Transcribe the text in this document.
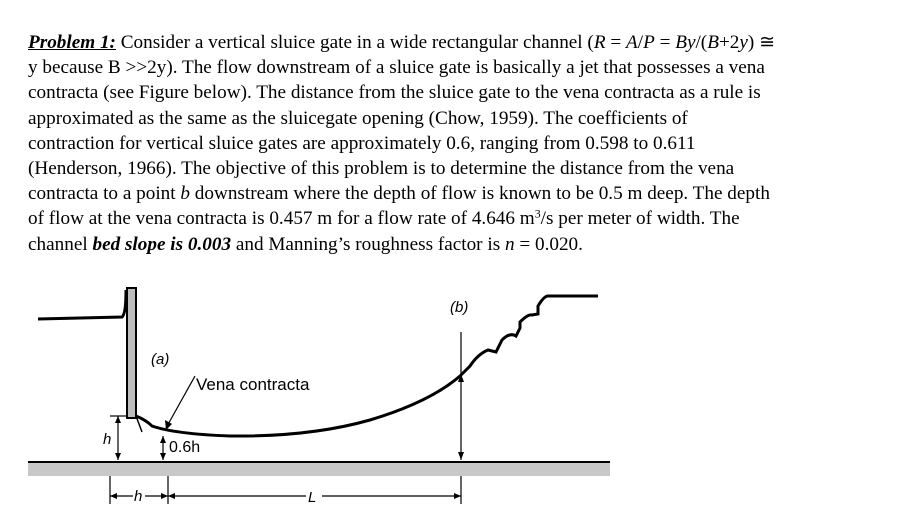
Problem 1: Consider a vertical sluice gate in a wide rectangular channel (R = A/P = By/(B+2y) ≅
y because B >>2y). The flow downstream of a sluice gate is basically a jet that possesses a vena
contracta (see Figure below). The distance from the sluice gate to the vena contracta as a rule is
approximated as the same as the sluicegate opening (Chow, 1959). The coefficients of
contraction for vertical sluice gates are approximately 0.6, ranging from 0.598 to 0.611
(Henderson, 1966). The objective of this problem is to determine the distance from the vena
contracta to a point b downstream where the depth of flow is known to be 0.5 m deep. The depth
of flow at the vena contracta is 0.457 m for a flow rate of 4.646 $m^3/s$ per meter of width. The
channel bed slope is 0.003 and Manning’s roughness factor is n = 0.020.
(a)
Vena contracta
0.6h
(b)
h
h	L
